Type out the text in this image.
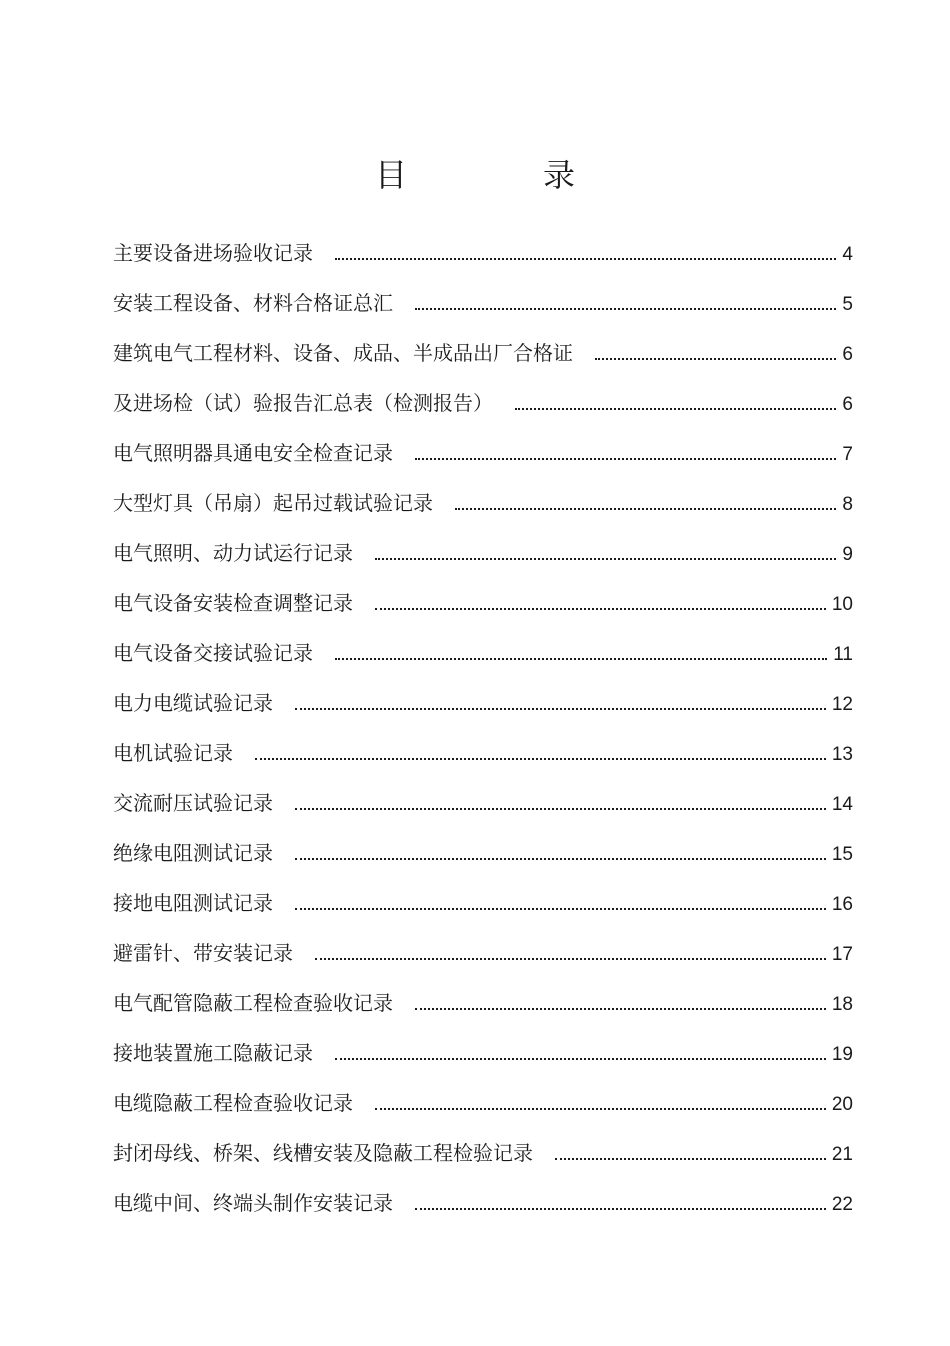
目　录
主要设备进场验收记录	4
安装工程设备、材料合格证总汇	5
建筑电气工程材料、设备、成品、半成品出厂合格证	6
及进场检（试）验报告汇总表（检测报告）	6
电气照明器具通电安全检查记录	7
大型灯具（吊扇）起吊过载试验记录	8
电气照明、动力试运行记录	9
电气设备安装检查调整记录	10
电气设备交接试验记录	11
电力电缆试验记录	12
电机试验记录	13
交流耐压试验记录	14
绝缘电阻测试记录	15
接地电阻测试记录	16
避雷针、带安装记录	17
电气配管隐蔽工程检查验收记录	18
接地装置施工隐蔽记录	19
电缆隐蔽工程检查验收记录	20
封闭母线、桥架、线槽安装及隐蔽工程检验记录	21
电缆中间、终端头制作安装记录	22
